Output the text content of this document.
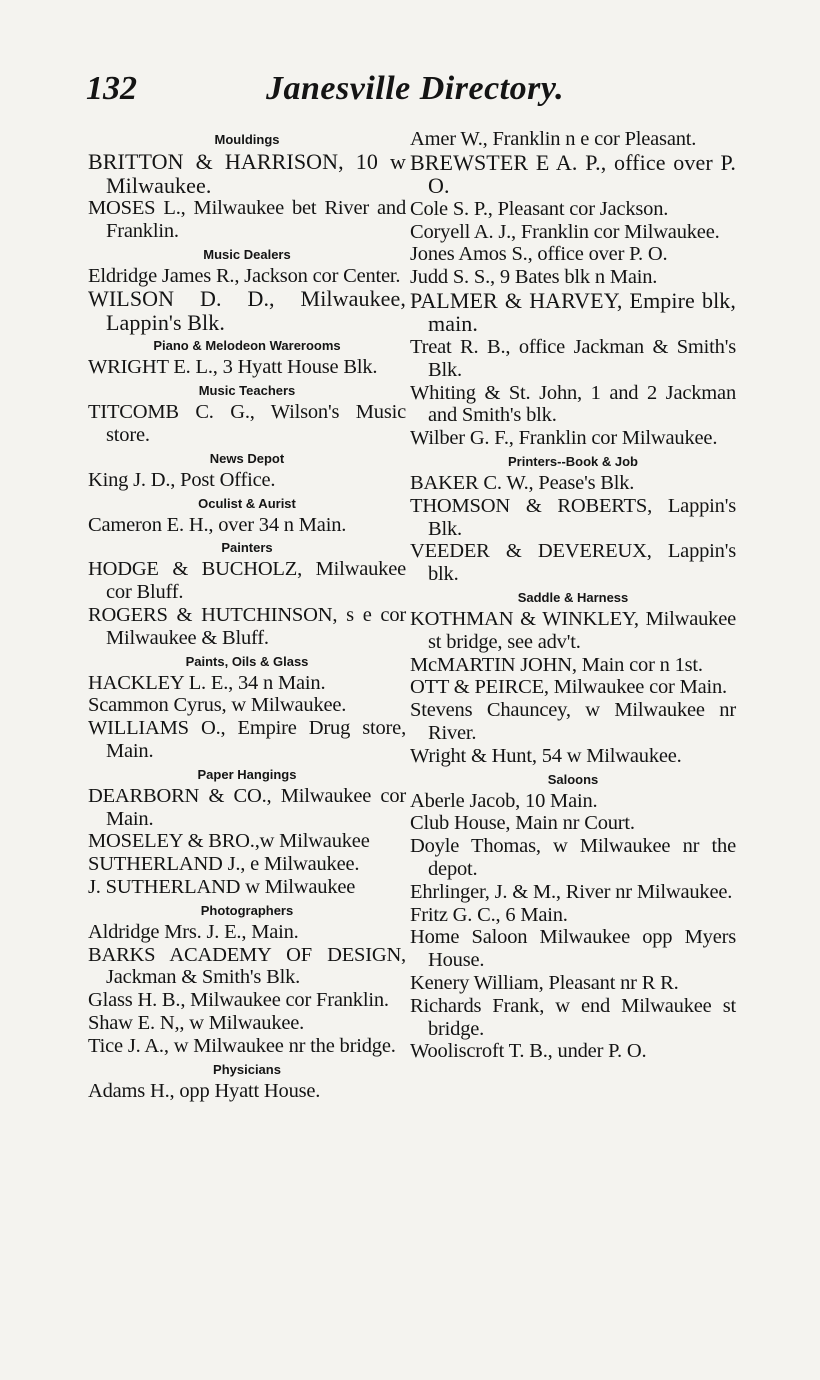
132	Janesville Directory.
Mouldings

BRITTON & HARRISON, 10 w Milwaukee.

MOSES L., Milwaukee bet River and Franklin.

Music Dealers

Eldridge James R., Jackson cor Center.

WILSON D. D., Milwaukee, Lappin's Blk.

Piano & Melodeon Warerooms

WRIGHT E. L., 3 Hyatt House Blk.

Music Teachers

TITCOMB C. G., Wilson's Music store.

News Depot

King J. D., Post Office.

Oculist & Aurist

Cameron E. H., over 34 n Main.

Painters

HODGE & BUCHOLZ, Milwaukee cor Bluff.

ROGERS & HUTCHINSON, s e cor Milwaukee & Bluff.

Paints, Oils & Glass

HACKLEY L. E., 34 n Main.

Scammon Cyrus, w Milwaukee.

WILLIAMS O., Empire Drug store, Main.

Paper Hangings

DEARBORN & CO., Milwaukee cor Main.

MOSELEY & BRO.,w Milwaukee

SUTHERLAND J., e Milwaukee.

J. SUTHERLAND w Milwaukee

Photographers

Aldridge Mrs. J. E., Main.

BARKS ACADEMY OF DESIGN, Jackman & Smith's Blk.

Glass H. B., Milwaukee cor Franklin.

Shaw E. N,, w Milwaukee.

Tice J. A., w Milwaukee nr the bridge.

Physicians

Adams H., opp Hyatt House.

Amer W., Franklin n e cor Pleasant.

BREWSTER E A. P., office over P. O.

Cole S. P., Pleasant cor Jackson.

Coryell A. J., Franklin cor Milwaukee.

Jones Amos S., office over P. O.

Judd S. S., 9 Bates blk n Main.

PALMER & HARVEY, Empire blk, main.

Treat R. B., office Jackman & Smith's Blk.

Whiting & St. John, 1 and 2 Jackman and Smith's blk.

Wilber G. F., Franklin cor Milwaukee.

Printers--Book & Job

BAKER C. W., Pease's Blk.

THOMSON & ROBERTS, Lappin's Blk.

VEEDER & DEVEREUX, Lappin's blk.

Saddle & Harness

KOTHMAN & WINKLEY, Milwaukee st bridge, see adv't.

McMARTIN JOHN, Main cor n 1st.

OTT & PEIRCE, Milwaukee cor Main.

Stevens Chauncey, w Milwaukee nr River.

Wright & Hunt, 54 w Milwaukee.

Saloons

Aberle Jacob, 10 Main.

Club House, Main nr Court.

Doyle Thomas, w Milwaukee nr the depot.

Ehrlinger, J. & M., River nr Milwaukee.

Fritz G. C., 6 Main.

Home Saloon Milwaukee opp Myers House.

Kenery William, Pleasant nr R R.

Richards Frank, w end Milwaukee st bridge.

Wooliscroft T. B., under P. O.
